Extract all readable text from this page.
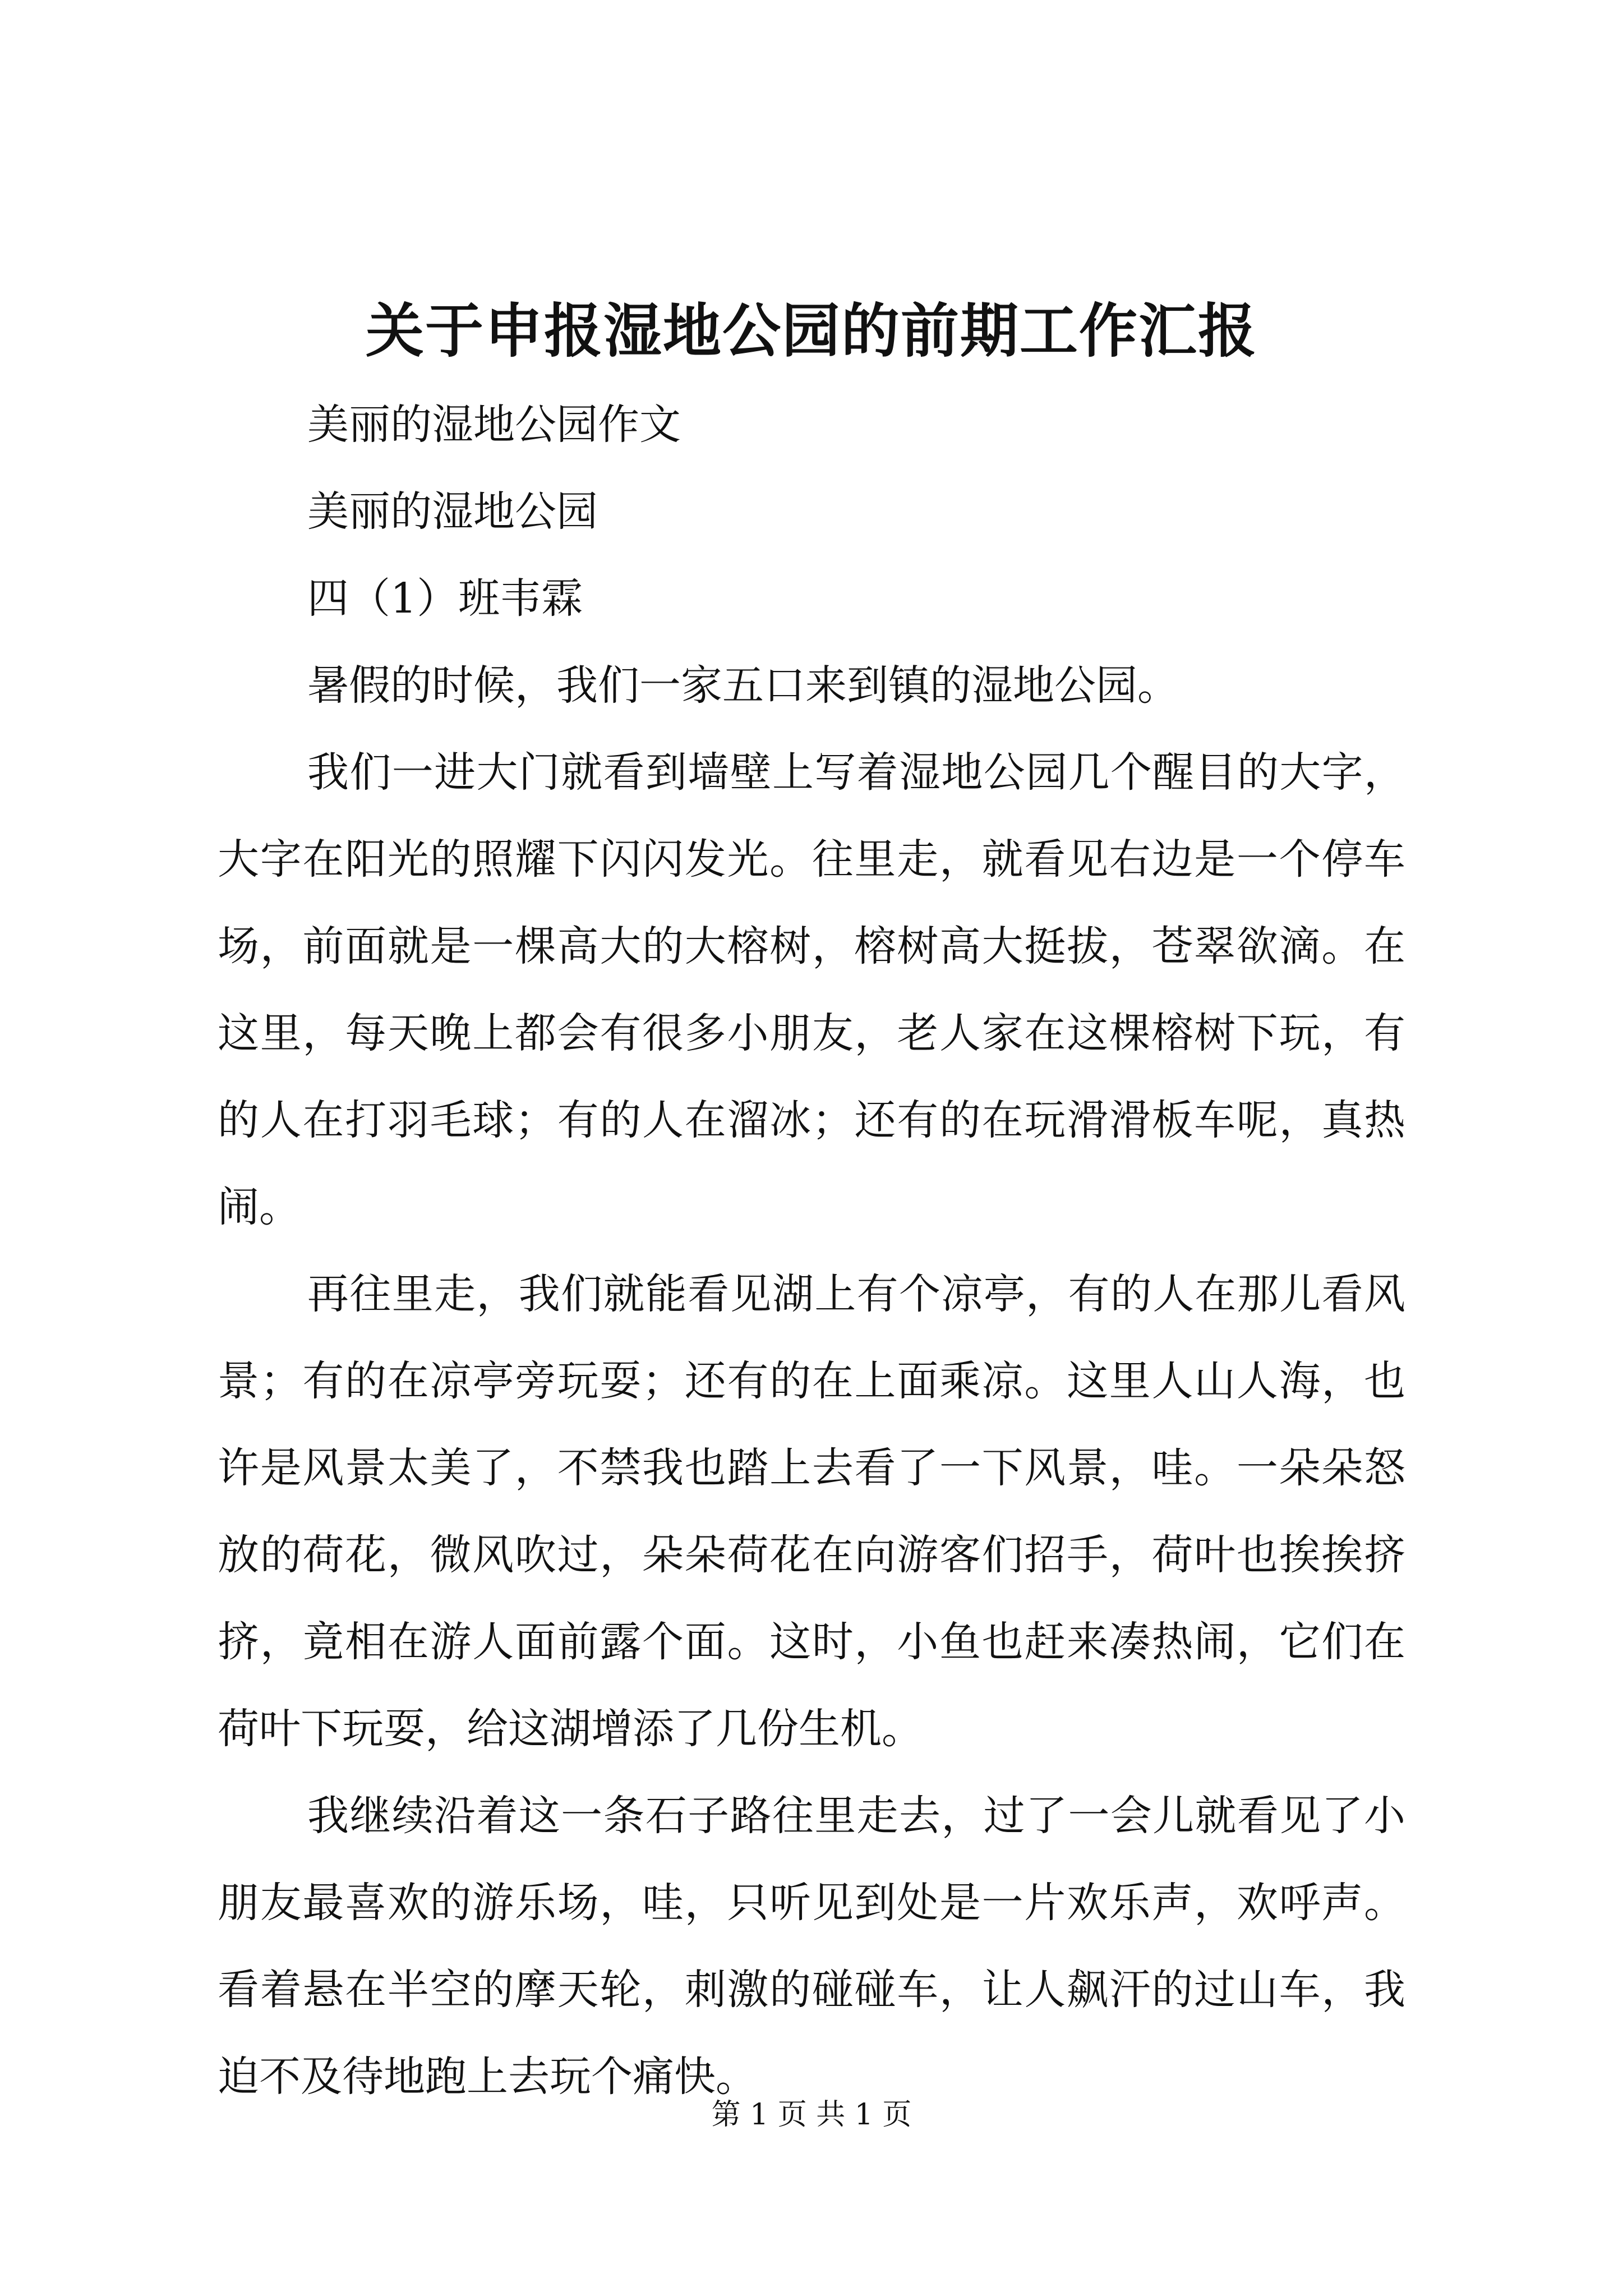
关于申报湿地公园的前期工作汇报

美丽的湿地公园作文

美丽的湿地公园

四（1）班韦霖

暑假的时候，我们一家五口来到镇的湿地公园。

我们一进大门就看到墙壁上写着湿地公园几个醒目的大字，大字在阳光的照耀下闪闪发光。往里走，就看见右边是一个停车场，前面就是一棵高大的大榕树，榕树高大挺拔，苍翠欲滴。在这里，每天晚上都会有很多小朋友，老人家在这棵榕树下玩，有的人在打羽毛球；有的人在溜冰；还有的在玩滑滑板车呢，真热闹。

再往里走，我们就能看见湖上有个凉亭，有的人在那儿看风景；有的在凉亭旁玩耍；还有的在上面乘凉。这里人山人海，也许是风景太美了，不禁我也踏上去看了一下风景，哇。一朵朵怒放的荷花，微风吹过，朵朵荷花在向游客们招手，荷叶也挨挨挤挤，竟相在游人面前露个面。这时，小鱼也赶来凑热闹，它们在荷叶下玩耍，给这湖增添了几份生机。

我继续沿着这一条石子路往里走去，过了一会儿就看见了小朋友最喜欢的游乐场，哇，只听见到处是一片欢乐声，欢呼声。看着悬在半空的摩天轮，刺激的碰碰车，让人飙汗的过山车，我迫不及待地跑上去玩个痛快。

第 1 页 共 1 页
